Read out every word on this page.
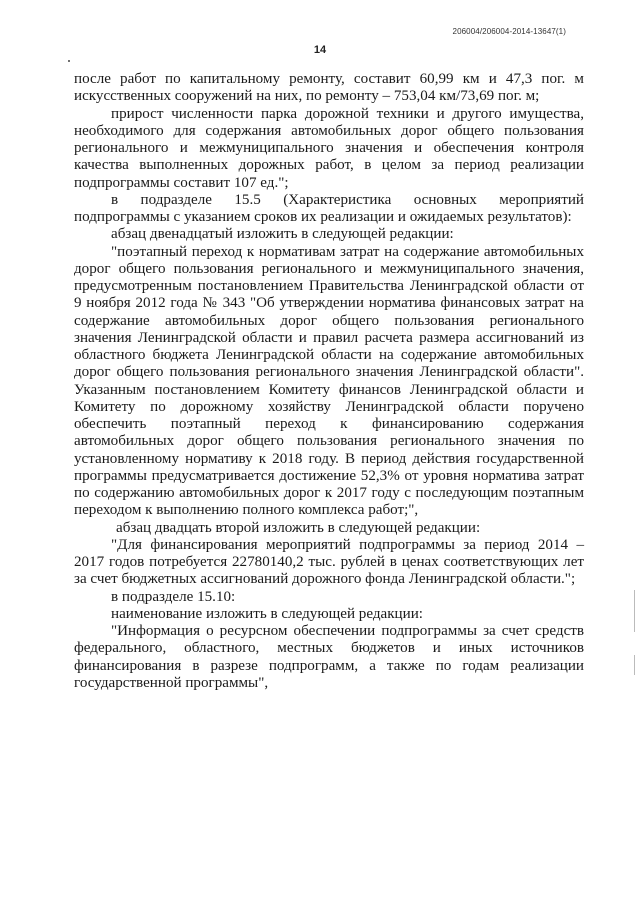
206004/206004-2014-13647(1)
14

после работ по капитальному ремонту, составит 60,99 км и 47,3 пог. м искусственных сооружений на них, по ремонту – 753,04 км/73,69 пог. м;

прирост численности парка дорожной техники и другого имущества, необходимого для содержания автомобильных дорог общего пользования регионального и межмуниципального значения и обеспечения контроля качества выполненных дорожных работ, в целом за период реализации подпрограммы составит 107 ед.";

в подразделе 15.5 (Характеристика основных мероприятий подпрограммы с указанием сроков их реализации и ожидаемых результатов):

абзац двенадцатый изложить в следующей редакции:

"поэтапный переход к нормативам затрат на содержание автомобильных дорог общего пользования регионального и межмуниципального значения, предусмотренным постановлением Правительства Ленинградской области от 9 ноября 2012 года № 343 "Об утверждении норматива финансовых затрат на содержание автомобильных дорог общего пользования регионального значения Ленинградской области и правил расчета размера ассигнований из областного бюджета Ленинградской области на содержание автомобильных дорог общего пользования регионального значения Ленинградской области". Указанным постановлением Комитету финансов Ленинградской области и Комитету по дорожному хозяйству Ленинградской области поручено обеспечить поэтапный переход к финансированию содержания автомобильных дорог общего пользования регионального значения по установленному нормативу к 2018 году. В период действия государственной программы предусматривается достижение 52,3% от уровня норматива затрат по содержанию автомобильных дорог к 2017 году с последующим поэтапным переходом к выполнению полного комплекса работ;",

абзац двадцать второй изложить в следующей редакции:

"Для финансирования мероприятий подпрограммы за период 2014 – 2017 годов потребуется 22780140,2 тыс. рублей в ценах соответствующих лет за счет бюджетных ассигнований дорожного фонда Ленинградской области.";

в подразделе 15.10:

наименование изложить в следующей редакции:

"Информация о ресурсном обеспечении подпрограммы за счет средств федерального, областного, местных бюджетов и иных источников финансирования в разрезе подпрограмм, а также по годам реализации государственной программы",
